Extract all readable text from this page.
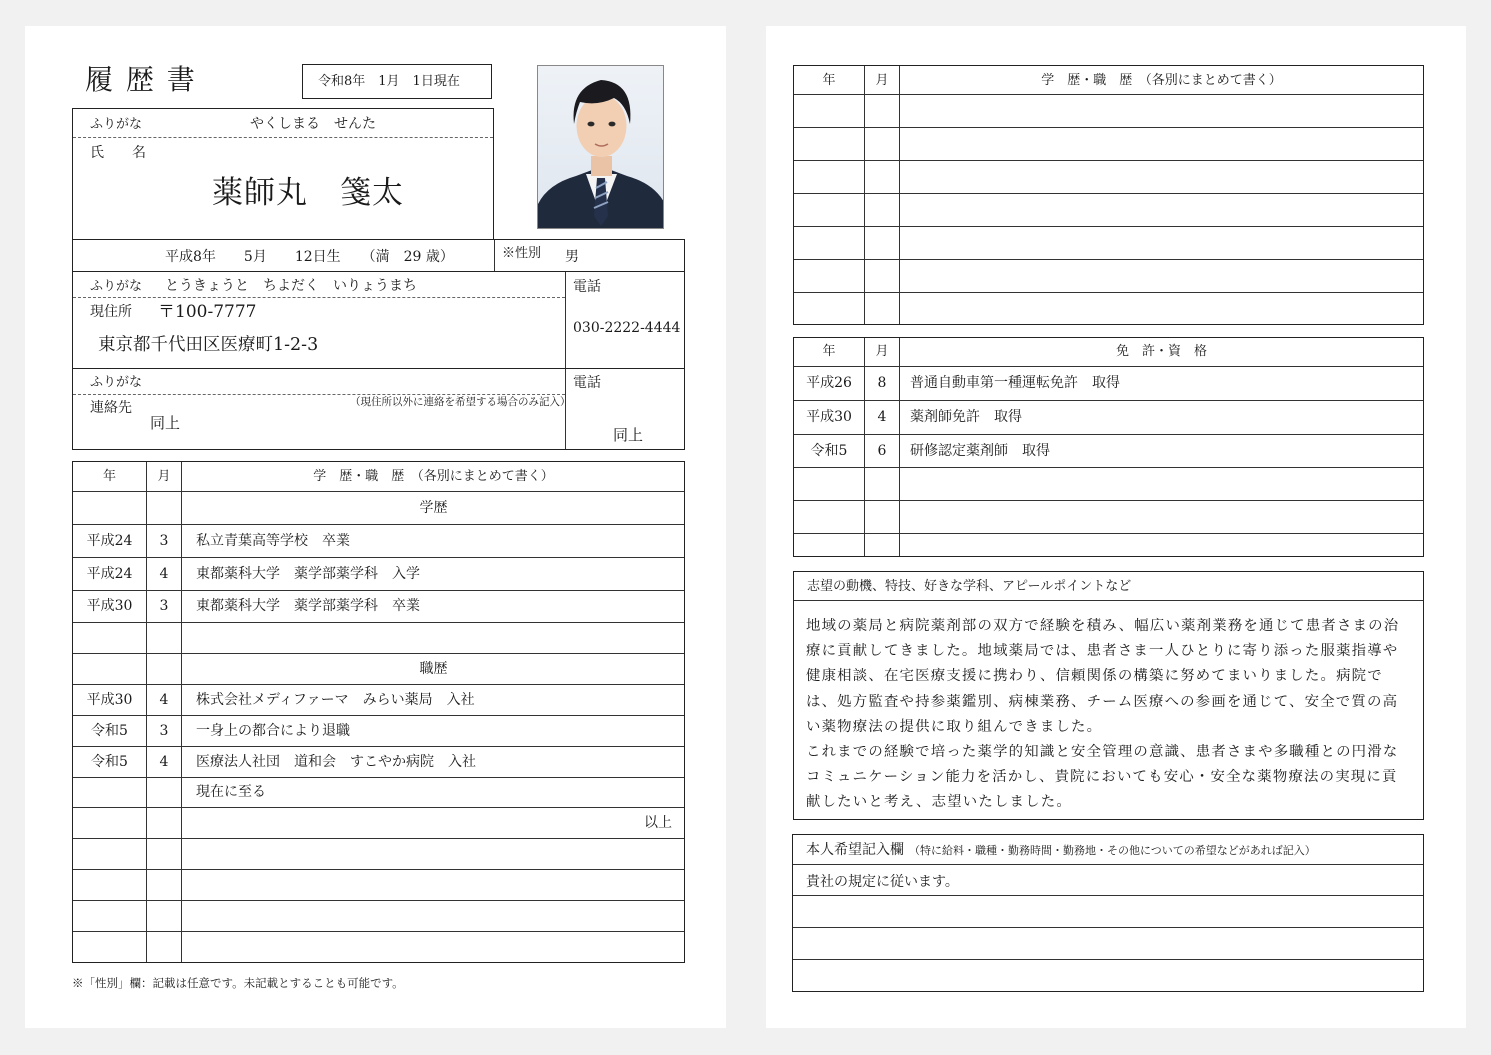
履 歴 書	令和8年　1月　1日現在
ふりがな	やくしまる　せんた
氏　　名
薬師丸　箋太
平成8年　　5月　　12日生　　（満　29 歳）	※性別 男
ふりがな とうきょうと　ちよだく　いりょうまち
現住所 〒100-7777
東京都千代田区医療町1-2-3
電話
030-2222-4444
ふりがな
連絡先	（現住所以外に連絡を希望する場合のみ記入）
同上
電話
同上
年	月	学　歴・職　歴　（各別にまとめて書く）
学歴
平成24	3	私立青葉高等学校　卒業
平成24	4	東都薬科大学　薬学部薬学科　入学
平成30	3	東都薬科大学　薬学部薬学科　卒業
職歴
平成30	4	株式会社メディファーマ　みらい薬局　入社
令和5	3	一身上の都合により退職
令和5	4	医療法人社団　道和会　すこやか病院　入社
現在に至る
以上
※「性別」欄：記載は任意です。未記載とすることも可能です。
年	月	学　歴・職　歴　（各別にまとめて書く）
年	月	免　許・資　格
平成26	8	普通自動車第一種運転免許　取得
平成30	4	薬剤師免許　取得
令和5	6	研修認定薬剤師　取得
志望の動機、特技、好きな学科、アピールポイントなど
地域の薬局と病院薬剤部の双方で経験を積み、幅広い薬剤業務を通じて患者さまの治療に貢献してきました。地域薬局では、患者さま一人ひとりに寄り添った服薬指導や健康相談、在宅医療支援に携わり、信頼関係の構築に努めてまいりました。病院では、処方監査や持参薬鑑別、病棟業務、チーム医療への参画を通じて、安全で質の高い薬物療法の提供に取り組んできました。
これまでの経験で培った薬学的知識と安全管理の意識、患者さまや多職種との円滑なコミュニケーション能力を活かし、貴院においても安心・安全な薬物療法の実現に貢献したいと考え、志望いたしました。
本人希望記入欄 （特に給料・職種・勤務時間・勤務地・その他についての希望などがあれば記入）
貴社の規定に従います。
